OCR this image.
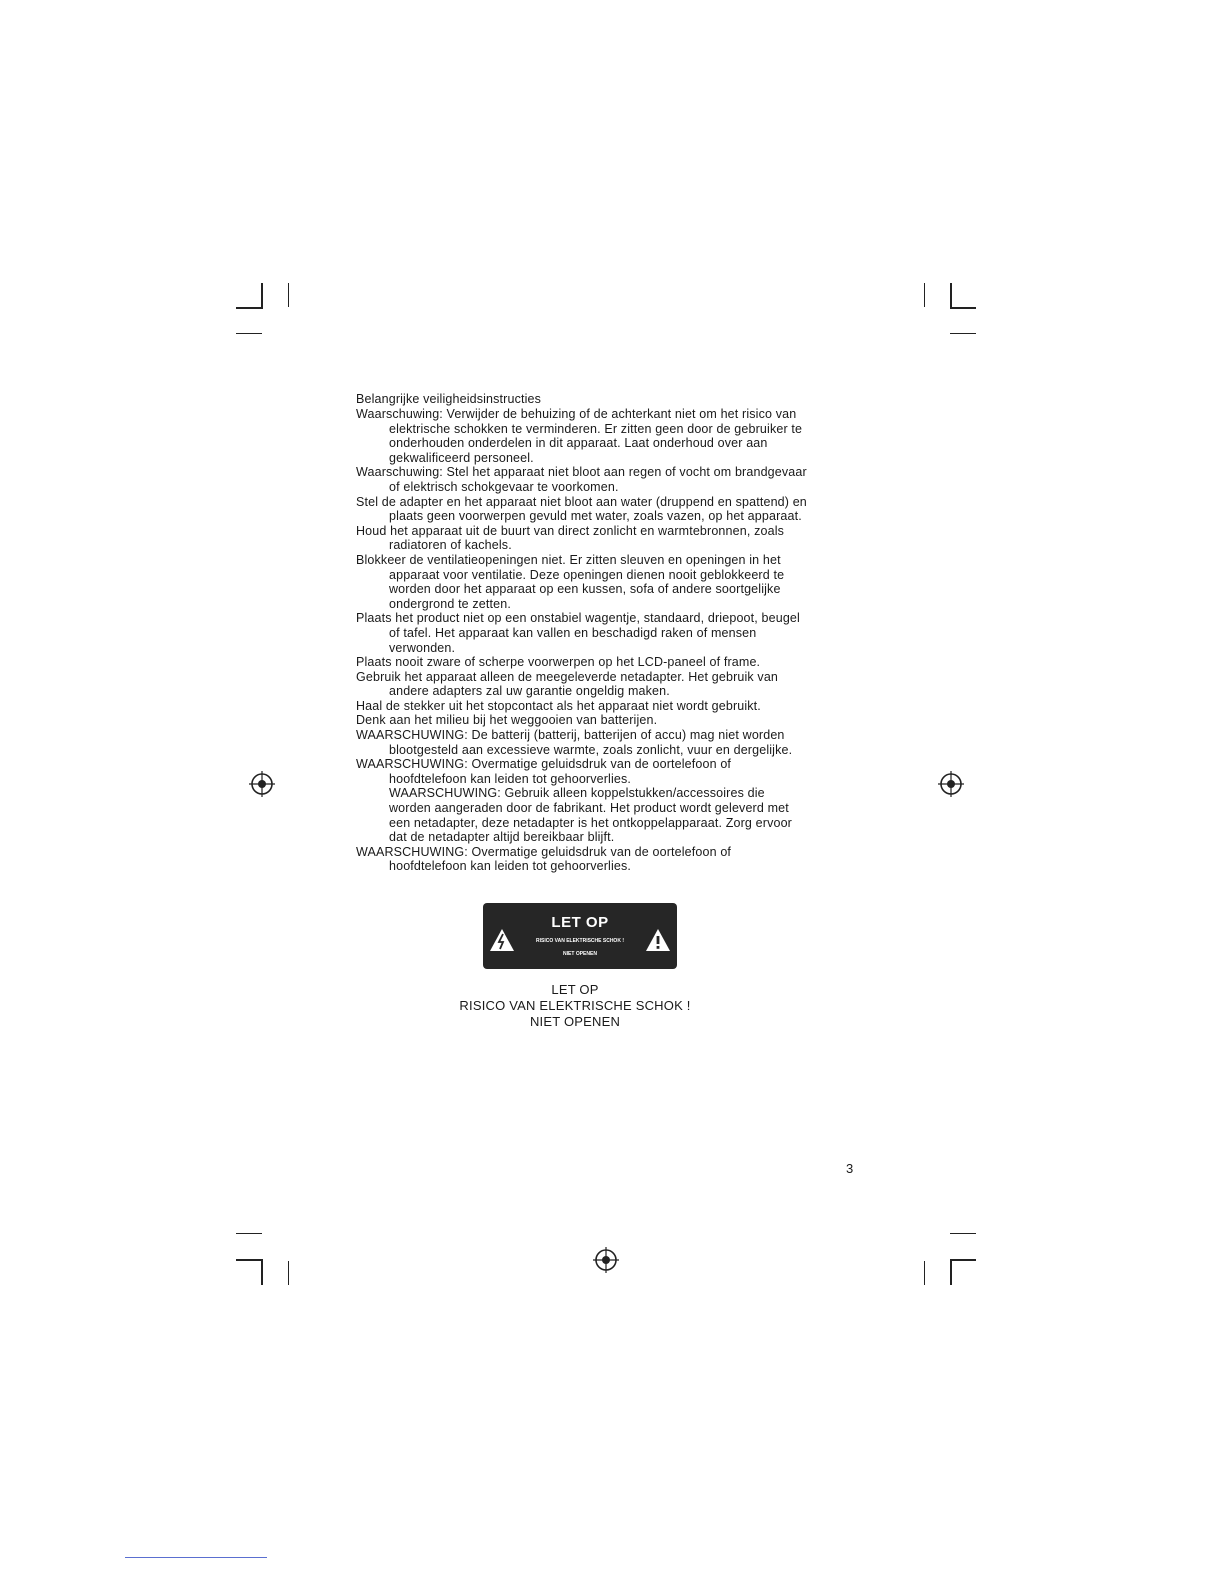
Belangrijke veiligheidsinstructies
Waarschuwing: Verwijder de behuizing of de achterkant niet om het risico van
elektrische schokken te verminderen. Er zitten geen door de gebruiker te
onderhouden onderdelen in dit apparaat. Laat onderhoud over aan
gekwalificeerd personeel.
Waarschuwing: Stel het apparaat niet bloot aan regen of vocht om brandgevaar
of elektrisch schokgevaar te voorkomen.
Stel de adapter en het apparaat niet bloot aan water (druppend en spattend) en
plaats geen voorwerpen gevuld met water, zoals vazen, op het apparaat.
Houd het apparaat uit de buurt van direct zonlicht en warmtebronnen, zoals
radiatoren of kachels.
Blokkeer de ventilatieopeningen niet. Er zitten sleuven en openingen in het
apparaat voor ventilatie. Deze openingen dienen nooit geblokkeerd te
worden door het apparaat op een kussen, sofa of andere soortgelijke
ondergrond te zetten.
Plaats het product niet op een onstabiel wagentje, standaard, driepoot, beugel
of tafel. Het apparaat kan vallen en beschadigd raken of mensen
verwonden.
Plaats nooit zware of scherpe voorwerpen op het LCD-paneel of frame.
Gebruik het apparaat alleen de meegeleverde netadapter. Het gebruik van
andere adapters zal uw garantie ongeldig maken.
Haal de stekker uit het stopcontact als het apparaat niet wordt gebruikt.
Denk aan het milieu bij het weggooien van batterijen.
WAARSCHUWING: De batterij (batterij, batterijen of accu) mag niet worden
blootgesteld aan excessieve warmte, zoals zonlicht, vuur en dergelijke.
WAARSCHUWING: Overmatige geluidsdruk van de oortelefoon of
hoofdtelefoon kan leiden tot gehoorverlies.
WAARSCHUWING: Gebruik alleen koppelstukken/accessoires die
worden aangeraden door de fabrikant. Het product wordt geleverd met
een netadapter, deze netadapter is het ontkoppelapparaat. Zorg ervoor
dat de netadapter altijd bereikbaar blijft.
WAARSCHUWING: Overmatige geluidsdruk van de oortelefoon of
hoofdtelefoon kan leiden tot gehoorverlies.
LET OP
RISICO VAN ELEKTRISCHE SCHOK !
NIET OPENEN
LET OP
RISICO VAN ELEKTRISCHE SCHOK !
NIET OPENEN
3
